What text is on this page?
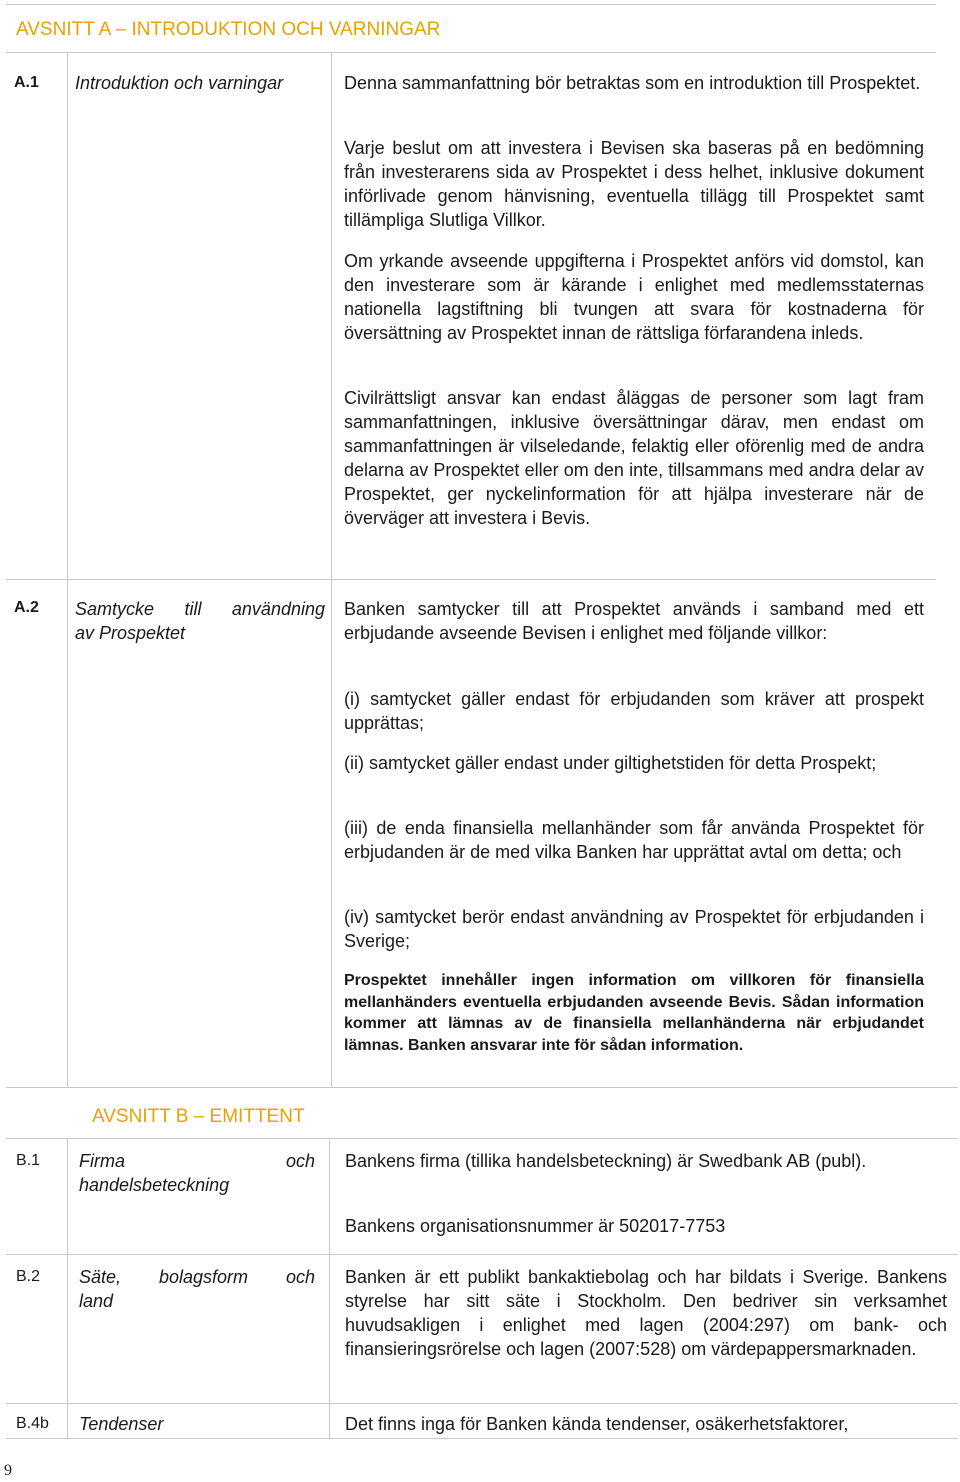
AVSNITT A – INTRODUKTION OCH VARNINGAR
A.1 Introduktion och varningar	Denna sammanfattning bör betraktas som en introduktion till Prospektet.

Varje beslut om att investera i Bevisen ska baseras på en bedömning från investerarens sida av Prospektet i dess helhet, inklusive dokument införlivade genom hänvisning, eventuella tillägg till Prospektet samt tillämpliga Slutliga Villkor.

Om yrkande avseende uppgifterna i Prospektet anförs vid domstol, kan den investerare som är kärande i enlighet med medlemsstaternas nationella lagstiftning bli tvungen att svara för kostnaderna för översättning av Prospektet innan de rättsliga förfarandena inleds.

Civilrättsligt ansvar kan endast åläggas de personer som lagt fram sammanfattningen, inklusive översättningar därav, men endast om sammanfattningen är vilseledande, felaktig eller oförenlig med de andra delarna av Prospektet eller om den inte, tillsammans med andra delar av Prospektet, ger nyckelinformation för att hjälpa investerare när de överväger att investera i Bevis.

A.2 Samtycke till användning
av Prospektet

Banken samtycker till att Prospektet används i samband med ett erbjudande avseende Bevisen i enlighet med följande villkor:

(i) samtycket gäller endast för erbjudanden som kräver att prospekt upprättas;

(ii) samtycket gäller endast under giltighetstiden för detta Prospekt;

(iii) de enda finansiella mellanhänder som får använda Prospektet för erbjudanden är de med vilka Banken har upprättat avtal om detta; och

(iv) samtycket berör endast användning av Prospektet för erbjudanden i Sverige;

Prospektet innehåller ingen information om villkoren för finansiella mellanhänders eventuella erbjudanden avseende Bevis. Sådan information kommer att lämnas av de finansiella mellanhänderna när erbjudandet lämnas. Banken ansvarar inte för sådan information.

AVSNITT B – EMITTENT
B.1 Firma och
handelsbeteckning

Bankens firma (tillika handelsbeteckning) är Swedbank AB (publ).

Bankens organisationsnummer är 502017-7753

B.2 Säte, bolagsform och
land

Banken är ett publikt bankaktiebolag och har bildats i Sverige. Bankens styrelse har sitt säte i Stockholm. Den bedriver sin verksamhet huvudsakligen i enlighet med lagen (2004:297) om bank- och finansieringsrörelse och lagen (2007:528) om värdepappersmarknaden.

B.4b Tendenser	Det finns inga för Banken kända tendenser, osäkerhetsfaktorer,

9
